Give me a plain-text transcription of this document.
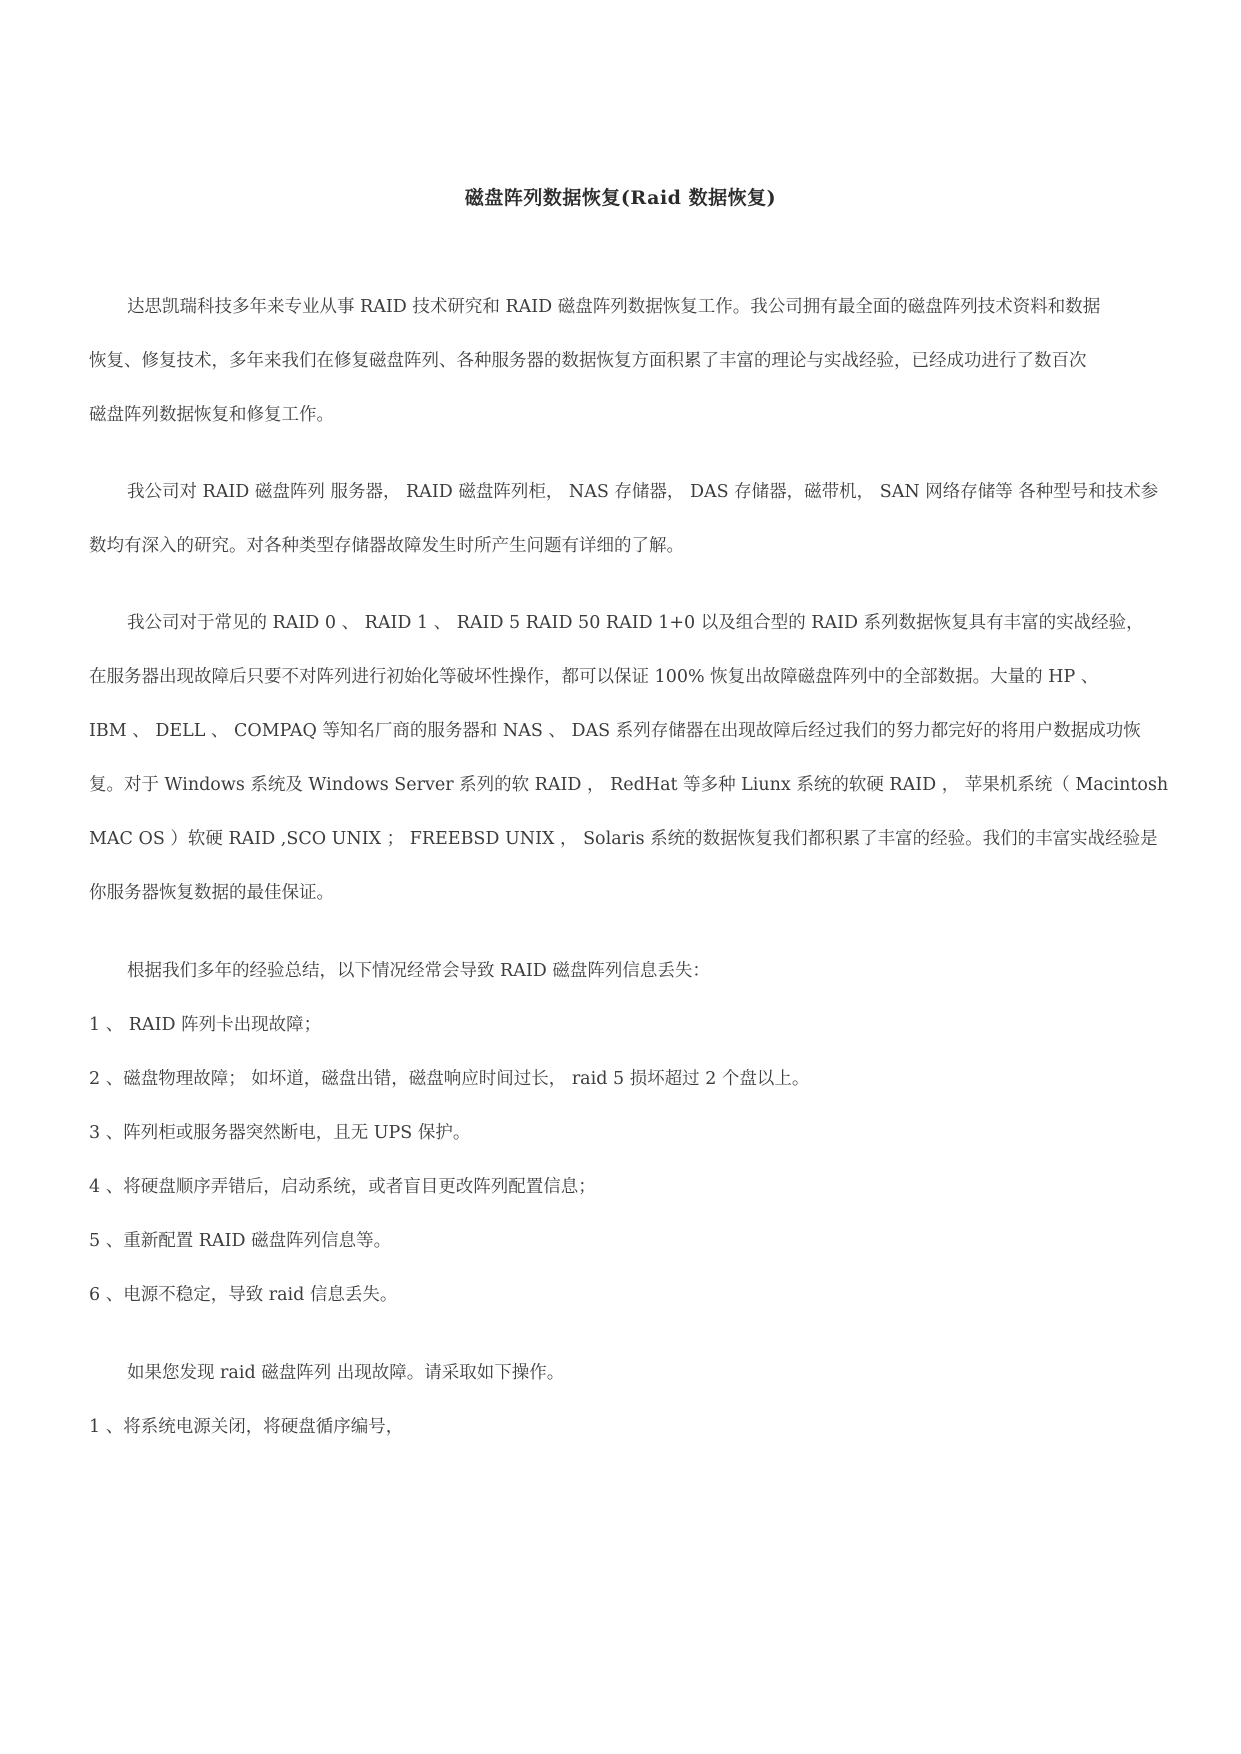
磁盘阵列数据恢复(Raid 数据恢复)
达思凯瑞科技多年来专业从事 RAID 技术研究和 RAID 磁盘阵列数据恢复工作。我公司拥有最全面的磁盘阵列技术资料和数据
恢复、修复技术，多年来我们在修复磁盘阵列、各种服务器的数据恢复方面积累了丰富的理论与实战经验，已经成功进行了数百次
磁盘阵列数据恢复和修复工作。
我公司对 RAID 磁盘阵列 服务器， RAID 磁盘阵列柜， NAS 存储器， DAS 存储器，磁带机， SAN 网络存储等 各种型号和技术参
数均有深入的研究。对各种类型存储器故障发生时所产生问题有详细的了解。
我公司对于常见的 RAID 0 、 RAID 1 、 RAID 5 RAID 50 RAID 1+0 以及组合型的 RAID 系列数据恢复具有丰富的实战经验，
在服务器出现故障后只要不对阵列进行初始化等破坏性操作，都可以保证 100% 恢复出故障磁盘阵列中的全部数据。大量的 HP 、
IBM 、 DELL 、 COMPAQ 等知名厂商的服务器和 NAS 、 DAS 系列存储器在出现故障后经过我们的努力都完好的将用户数据成功恢
复。对于 Windows 系统及 Windows Server 系列的软 RAID ， RedHat 等多种 Liunx 系统的软硬 RAID ， 苹果机系统（ Macintosh
MAC OS ）软硬 RAID ,SCO UNIX ； FREEBSD UNIX ， Solaris 系统的数据恢复我们都积累了丰富的经验。我们的丰富实战经验是
你服务器恢复数据的最佳保证。
根据我们多年的经验总结，以下情况经常会导致 RAID 磁盘阵列信息丢失：
1 、 RAID 阵列卡出现故障；
2 、磁盘物理故障； 如坏道，磁盘出错，磁盘响应时间过长， raid 5 损坏超过 2 个盘以上。
3 、阵列柜或服务器突然断电，且无 UPS 保护。
4 、将硬盘顺序弄错后，启动系统，或者盲目更改阵列配置信息；
5 、重新配置 RAID 磁盘阵列信息等。
6 、电源不稳定，导致 raid 信息丢失。
如果您发现 raid 磁盘阵列 出现故障。请采取如下操作。
1 、将系统电源关闭，将硬盘循序编号，
